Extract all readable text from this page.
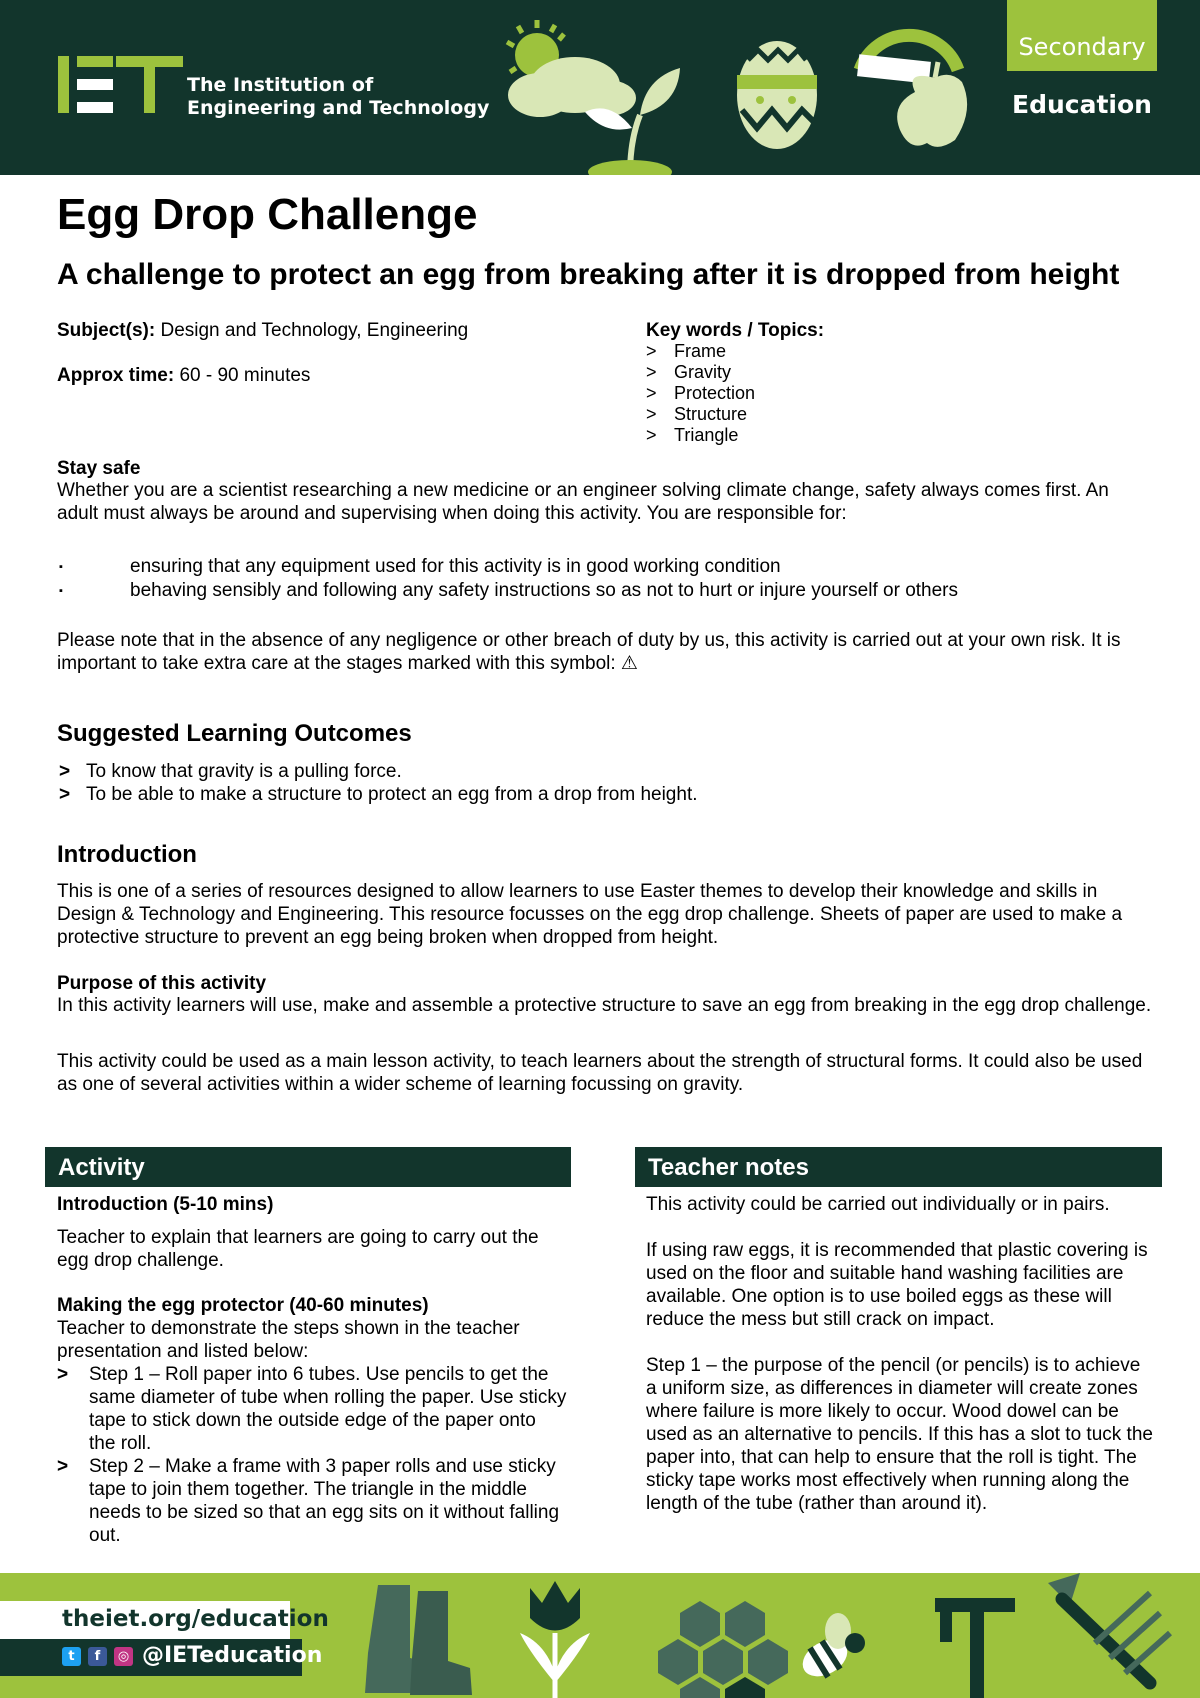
The Institution of
Engineering and Technology
Secondary
Education
Egg Drop Challenge
A challenge to protect an egg from breaking after it is dropped from height
Subject(s): Design and Technology, Engineering
Approx time: 60 - 90 minutes
Key words / Topics:
> Frame
> Gravity
> Protection
> Structure
> Triangle
Stay safe
Whether you are a scientist researching a new medicine or an engineer solving climate change, safety always comes first. An adult must always be around and supervising when doing this activity. You are responsible for:
▪ ensuring that any equipment used for this activity is in good working condition
▪ behaving sensibly and following any safety instructions so as not to hurt or injure yourself or others
Please note that in the absence of any negligence or other breach of duty by us, this activity is carried out at your own risk. It is important to take extra care at the stages marked with this symbol: ⚠
Suggested Learning Outcomes
> To know that gravity is a pulling force.
> To be able to make a structure to protect an egg from a drop from height.
Introduction
This is one of a series of resources designed to allow learners to use Easter themes to develop their knowledge and skills in Design & Technology and Engineering. This resource focusses on the egg drop challenge. Sheets of paper are used to make a protective structure to prevent an egg being broken when dropped from height.
Purpose of this activity
In this activity learners will use, make and assemble a protective structure to save an egg from breaking in the egg drop challenge.
This activity could be used as a main lesson activity, to teach learners about the strength of structural forms. It could also be used as one of several activities within a wider scheme of learning focussing on gravity.
Activity
Introduction (5-10 mins)

Teacher to explain that learners are going to carry out the egg drop challenge.

Making the egg protector (40-60 minutes)

Teacher to demonstrate the steps shown in the teacher presentation and listed below:

> Step 1 – Roll paper into 6 tubes. Use pencils to get the same diameter of tube when rolling the paper. Use sticky tape to stick down the outside edge of the paper onto the roll.
> Step 2 – Make a frame with 3 paper rolls and use sticky tape to join them together. The triangle in the middle needs to be sized so that an egg sits on it without falling out.
Teacher notes

This activity could be carried out individually or in pairs.

If using raw eggs, it is recommended that plastic covering is used on the floor and suitable hand washing facilities are available. One option is to use boiled eggs as these will reduce the mess but still crack on impact.

Step 1 – the purpose of the pencil (or pencils) is to achieve a uniform size, as differences in diameter will create zones where failure is more likely to occur. Wood dowel can be used as an alternative to pencils. If this has a slot to tuck the paper into, that can help to ensure that the roll is tight. The sticky tape works most effectively when running along the length of the tube (rather than around it).

theiet.org/education
t	f	◎ @IETeducation
